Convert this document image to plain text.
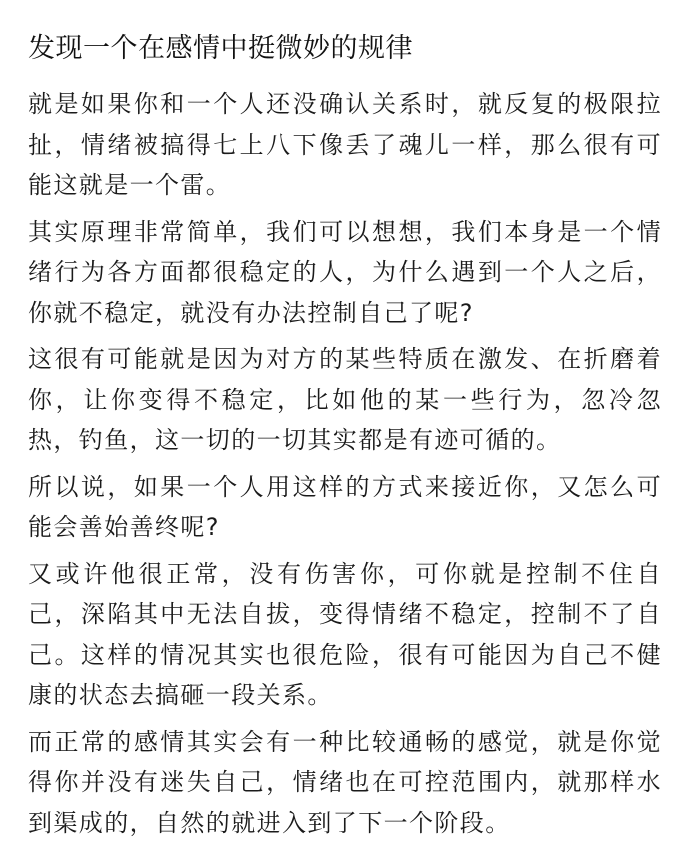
发现一个在感情中挺微妙的规律

就是如果你和一个人还没确认关系时，就反复的极限拉扯，情绪被搞得七上八下像丢了魂儿一样，那么很有可能这就是一个雷。

其实原理非常简单，我们可以想想，我们本身是一个情绪行为各方面都很稳定的人，为什么遇到一个人之后，你就不稳定，就没有办法控制自己了呢?

这很有可能就是因为对方的某些特质在激发、在折磨着你，让你变得不稳定，比如他的某一些行为，忽冷忽热，钓鱼，这一切的一切其实都是有迹可循的。

所以说，如果一个人用这样的方式来接近你，又怎么可能会善始善终呢?

又或许他很正常，没有伤害你，可你就是控制不住自己，深陷其中无法自拔，变得情绪不稳定，控制不了自己。这样的情况其实也很危险，很有可能因为自己不健康的状态去搞砸一段关系。

而正常的感情其实会有一种比较通畅的感觉，就是你觉得你并没有迷失自己，情绪也在可控范围内，就那样水到渠成的，自然的就进入到了下一个阶段。
